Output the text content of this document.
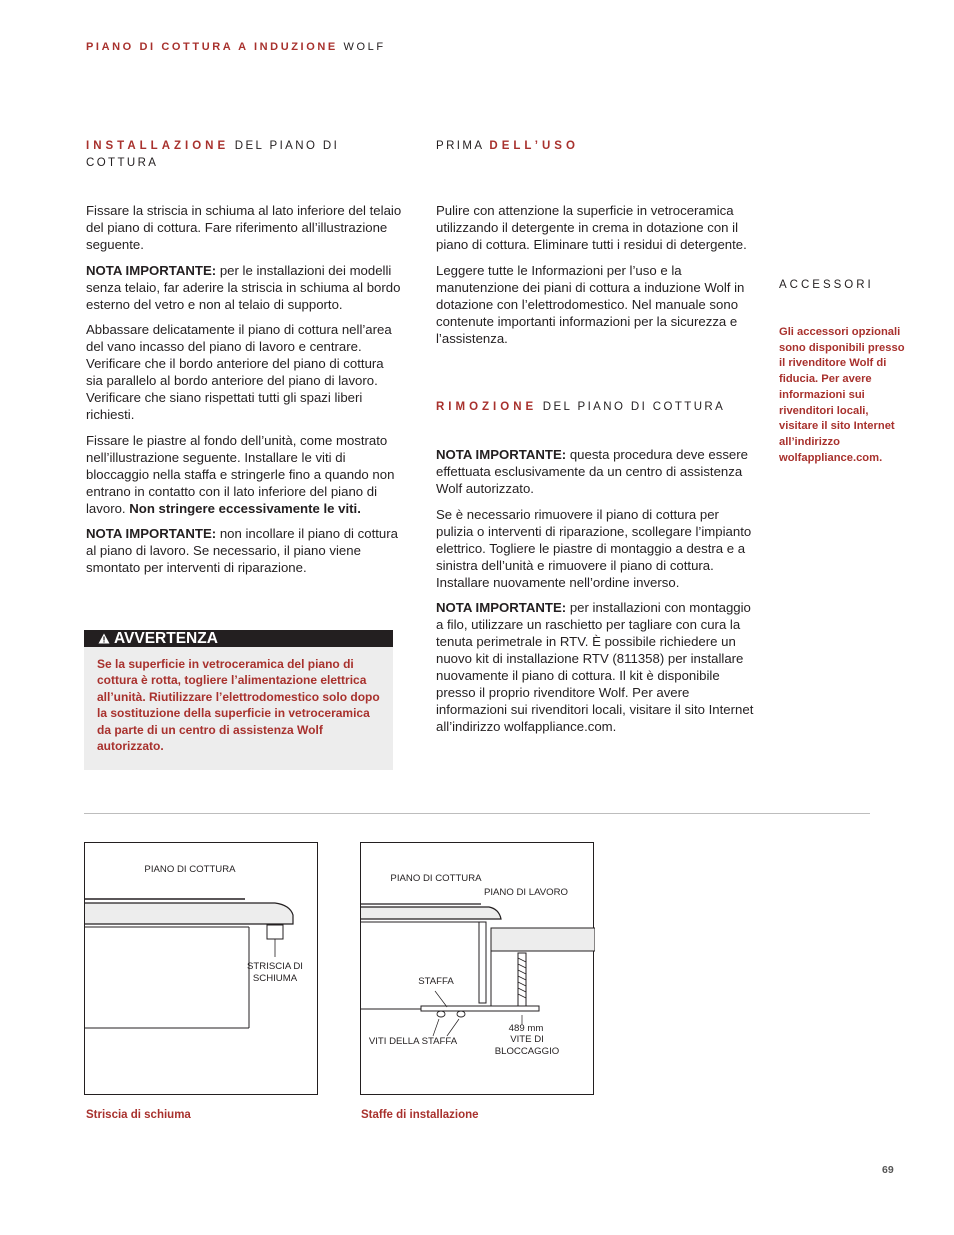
PIANO DI COTTURA A INDUZIONE WOLF
INSTALLAZIONE DEL PIANO DI COTTURA

Fissare la striscia in schiuma al lato inferiore del telaio del piano di cottura. Fare riferimento all’illustrazione seguente.

NOTA IMPORTANTE: per le installazioni dei modelli senza telaio, far aderire la striscia in schiuma al bordo esterno del vetro e non al telaio di supporto.

Abbassare delicatamente il piano di cottura nell’area del vano incasso del piano di lavoro e centrare. Verificare che il bordo anteriore del piano di cottura sia parallelo al bordo anteriore del piano di lavoro. Verificare che siano rispettati tutti gli spazi liberi richiesti.

Fissare le piastre al fondo dell’unità, come mostrato nell’illustrazione seguente. Installare le viti di bloccaggio nella staffa e stringerle fino a quando non entrano in contatto con il lato inferiore del piano di lavoro. Non stringere eccessivamente le viti.

NOTA IMPORTANTE: non incollare il piano di cottura al piano di lavoro. Se necessario, il piano viene smontato per interventi di riparazione.

AVVERTENZA
Se la superficie in vetroceramica del piano di cottura è rotta, togliere l’alimentazione elettrica all’unità. Riutilizzare l’elettrodomestico solo dopo la sostituzione della superficie in vetroceramica da parte di un centro di assistenza Wolf autorizzato.
PRIMA DELL’USO

Pulire con attenzione la superficie in vetroceramica utilizzando il detergente in crema in dotazione con il piano di cottura. Eliminare tutti i residui di detergente.

Leggere tutte le Informazioni per l’uso e la manutenzione dei piani di cottura a induzione Wolf in dotazione con l’elettrodomestico. Nel manuale sono contenute importanti informazioni per la sicurezza e l’assistenza.

RIMOZIONE DEL PIANO DI COTTURA

NOTA IMPORTANTE: questa procedura deve essere effettuata esclusivamente da un centro di assistenza Wolf autorizzato.

Se è necessario rimuovere il piano di cottura per pulizia o interventi di riparazione, scollegare l’impianto elettrico. Togliere le piastre di montaggio a destra e a sinistra dell’unità e rimuovere il piano di cottura. Installare nuovamente nell’ordine inverso.

NOTA IMPORTANTE: per installazioni con montaggio a filo, utilizzare un raschietto per tagliare con cura la tenuta perimetrale in RTV. È possibile richiedere un nuovo kit di installazione RTV (811358) per installare nuovamente il piano di cottura. Il kit è disponibile presso il proprio rivenditore Wolf. Per avere informazioni sui rivenditori locali, visitare il sito Internet all’indirizzo wolfappliance.com.

ACCESSORI
Gli accessori opzionali sono disponibili presso il rivenditore Wolf di fiducia. Per avere informazioni sui rivenditori locali, visitare il sito Internet all’indirizzo wolfappliance.com.
PIANO DI COTTURA
STRISCIA DI SCHIUMA
Striscia di schiuma
PIANO DI COTTURA
PIANO DI LAVORO
STAFFA
VITI DELLA STAFFA
489 mm
VITE DI BLOCCAGGIO
Staffe di installazione
69
